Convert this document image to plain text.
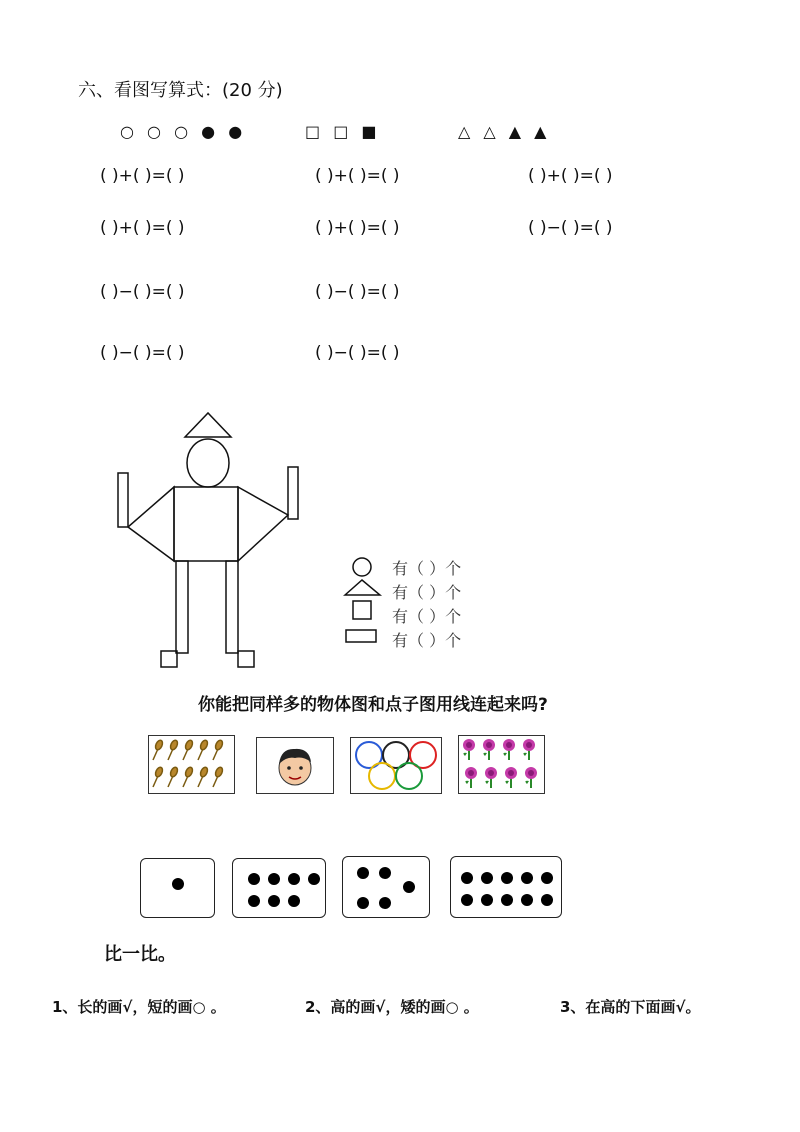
六、看图写算式：(20 分)
○ ○ ○ ● ●	□ □ ■	△ △ ▲ ▲
( )+( )=( )	( )+( )=( )	( )+( )=( )
( )+( )=( )	( )+( )=( )	( )−( )=( )
( )−( )=( )	( )−( )=( )
( )−( )=( )	( )−( )=( )
有（ ）个
有（ ）个
有（ ）个
有（ ）个
你能把同样多的物体图和点子图用线连起来吗?
比一比。
1、长的画√，短的画○ 。	2、高的画√，矮的画○ 。	3、在高的下面画√。
